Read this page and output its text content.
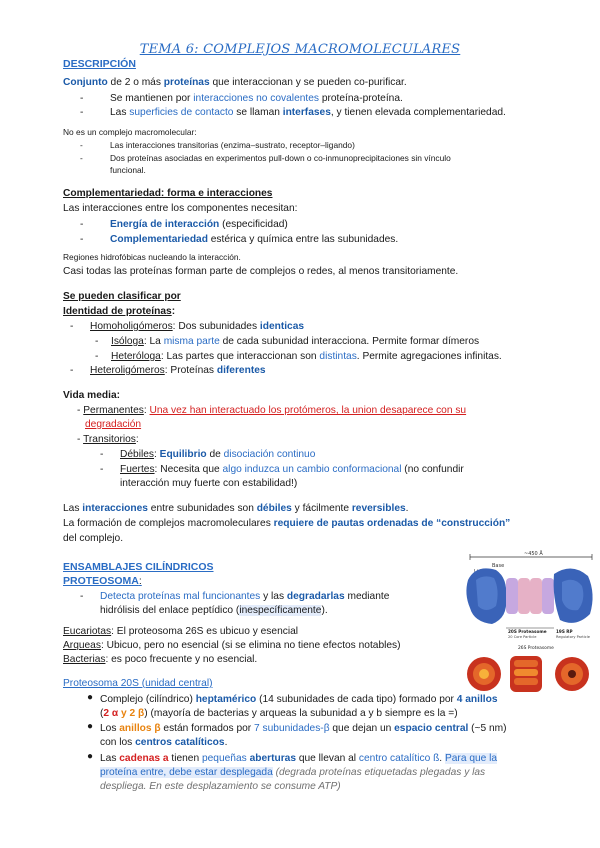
TEMA 6: COMPLEJOS MACROMOLECULARES
DESCRIPCIÓN
Conjunto de 2 o más proteínas que interaccionan y se pueden co-purificar.
-	Se mantienen por interacciones no covalentes proteína-proteína.
-	Las superficies de contacto se llaman interfases, y tienen elevada complementariedad.
No es un complejo macromolecular:
-	Las interacciones transitorias (enzima–sustrato, receptor–ligando)
-	Dos proteínas asociadas en experimentos pull-down o co-inmunoprecipitaciones sin vínculo
funcional.
Complementariedad: forma e interacciones
Las interacciones entre los componentes necesitan:
-	Energía de interacción (especificidad)
-	Complementariedad estérica y química entre las subunidades.
Regiones hidrofóbicas nucleando la interacción.
Casi todas las proteínas forman parte de complejos o redes, al menos transitoriamente.
Se pueden clasificar por
Identidad de proteínas:
- Homoholigómeros: Dos subunidades identicas
- Isóloga: La misma parte de cada subunidad interacciona. Permite formar dímeros
- Heteróloga: Las partes que interaccionan son distintas. Permite agregaciones infinitas.
- Heteroligómeros: Proteínas diferentes
Vida media:
- Permanentes: Una vez han interactuado los protómeros, la union desaparece con su
degradación
- Transitorios:
- Débiles: Equilibrio de disociación continuo
- Fuertes: Necesita que algo induzca un cambio conformacional (no confundir
interacción muy fuerte con estabilidad!)
Las interacciones entre subunidades son débiles y fácilmente reversibles.
La formación de complejos macromoleculares requiere de pautas ordenadas de “construcción”
del complejo.
ENSAMBLAJES CILÍNDRICOS
PROTEOSOMA:
- Detecta proteínas mal funcionantes y las degradarlas mediante
hidrólisis del enlace peptídico (inespecíficamente).
Eucariotas: El proteosoma 26S es ubicuo y esencial
Arqueas: Ubicuo, pero no esencial (si se elimina no tiene efectos notables)
Bacterias: es poco frecuente y no esencial.
Proteosoma 20S (unidad central)
● Complejo (cilíndrico) heptamérico (14 subunidades de cada tipo) formado por 4 anillos
(2 α y 2 β) (mayoría de bacterias y arqueas la subunidad a y b siempre es la =)
● Los anillos β están formados por 7 subunidades-β que dejan un espacio central (~5 nm)
con los centros catalíticos.
● Las cadenas a tienen pequeñas aberturas que llevan al centro catalítico ß. Para que la
proteína entre, debe estar desplegada (degrada proteínas etiquetadas plegadas y las
despliega. En este desplazamiento se consume ATP)
~450 Å
Base
20S Proteasome
20 Core Particle
19S RP
Regulatory Particle
26S Proteasome
